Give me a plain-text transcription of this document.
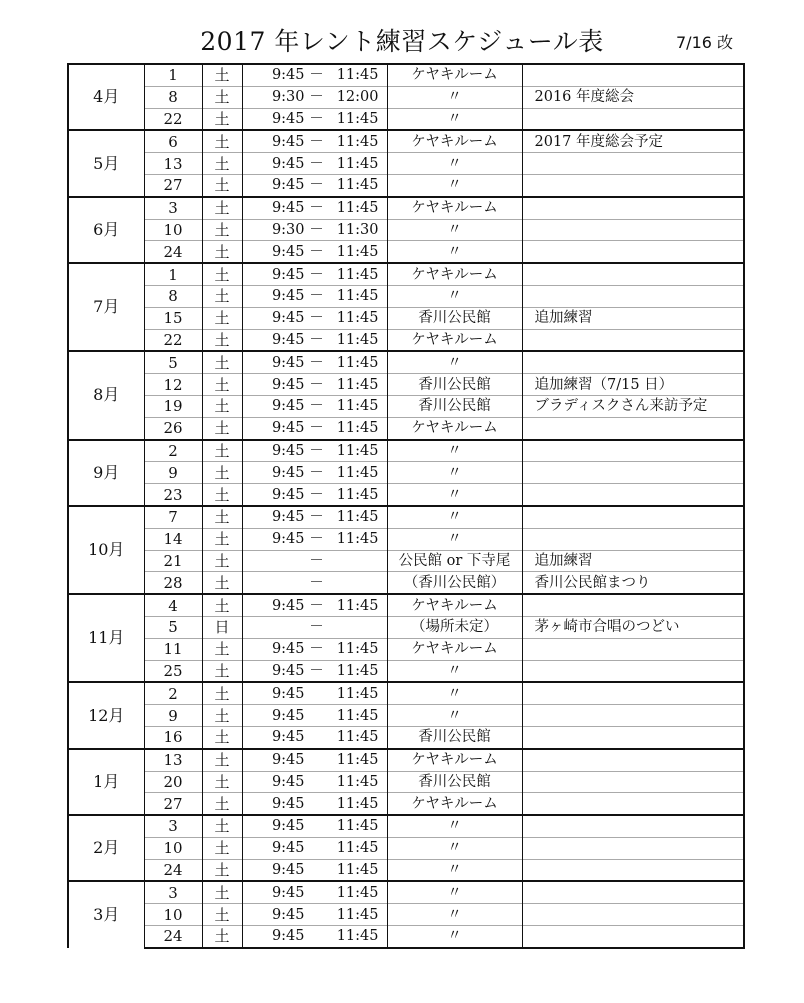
2017 年レント練習スケジュール表	7/16 改
4月	1	土	9:45 － 11:45	ケヤキルーム	
	8	土	9:30 － 12:00	〃	2016 年度総会
	22	土	9:45 － 11:45	〃	
5月	6	土	9:45 － 11:45	ケヤキルーム	2017 年度総会予定
	13	土	9:45 － 11:45	〃	
	27	土	9:45 － 11:45	〃	
6月	3	土	9:45 － 11:45	ケヤキルーム	
	10	土	9:30 － 11:30	〃	
	24	土	9:45 － 11:45	〃	
7月	1	土	9:45 － 11:45	ケヤキルーム	
	8	土	9:45 － 11:45	〃	
	15	土	9:45 － 11:45	香川公民館	追加練習
	22	土	9:45 － 11:45	ケヤキルーム	
8月	5	土	9:45 － 11:45	〃	
	12	土	9:45 － 11:45	香川公民館	追加練習（7/15 日）
	19	土	9:45 － 11:45	香川公民館	ブラディスクさん来訪予定
	26	土	9:45 － 11:45	ケヤキルーム	
9月	2	土	9:45 － 11:45	〃	
	9	土	9:45 － 11:45	〃	
	23	土	9:45 － 11:45	〃	
10月	7	土	9:45 － 11:45	〃	
	14	土	9:45 － 11:45	〃	
	21	土	－	公民館 or 下寺尾	追加練習
	28	土	－	（香川公民館）	香川公民館まつり
11月	4	土	9:45 － 11:45	ケヤキルーム	
	5	日	－	（場所未定）	茅ヶ崎市合唱のつどい
	11	土	9:45 － 11:45	ケヤキルーム	
	25	土	9:45 － 11:45	〃	
12月	2	土	9:45 11:45	〃	
	9	土	9:45 11:45	〃	
	16	土	9:45 11:45	香川公民館	
1月	13	土	9:45 11:45	ケヤキルーム	
	20	土	9:45 11:45	香川公民館	
	27	土	9:45 11:45	ケヤキルーム	
2月	3	土	9:45 11:45	〃	
	10	土	9:45 11:45	〃	
	24	土	9:45 11:45	〃	
3月	3	土	9:45 11:45	〃	
	10	土	9:45 11:45	〃	
	24	土	9:45 11:45	〃	
